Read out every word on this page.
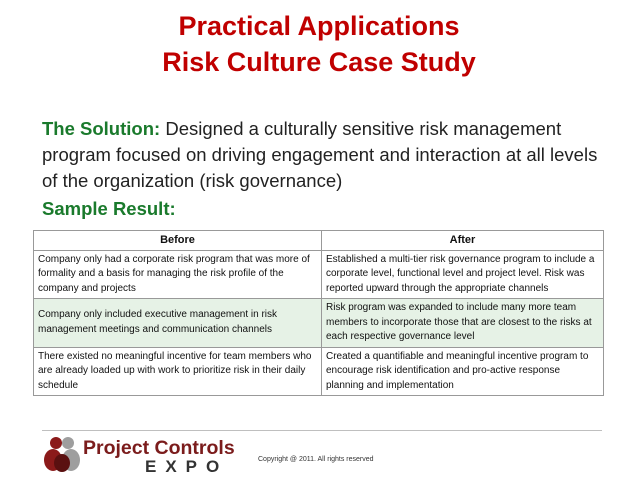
Practical Applications
Risk Culture Case Study
The Solution: Designed a culturally sensitive risk management program focused on driving engagement and interaction at all levels of the organization (risk governance)
Sample Result:
Before	After
Company only had a corporate risk program that was more of formality and a basis for managing the risk profile of the company and projects	Established a multi-tier risk governance program to include a corporate level, functional level and project level. Risk was reported upward through the appropriate channels
Company only included executive management in risk management meetings and communication channels	Risk program was expanded to include many more team members to incorporate those that are closest to the risks at each respective governance level
There existed no meaningful incentive for team members who are already loaded up with work to prioritize risk in their daily schedule	Created a quantifiable and meaningful incentive program to encourage risk identification and pro-active response planning and implementation
Project Controls
EXPO	Copyright @ 2011. All rights reserved
